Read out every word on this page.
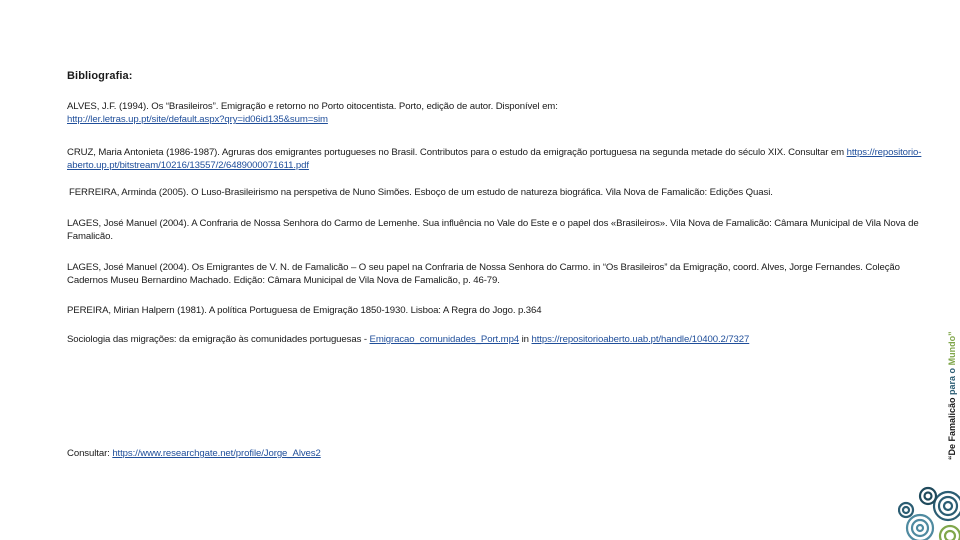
Bibliografia:
ALVES, J.F. (1994). Os “Brasileiros”. Emigração e retorno no Porto oitocentista. Porto, edição de autor. Disponível em:
http://ler.letras.up.pt/site/default.aspx?qry=id06id135&sum=sim
CRUZ, Maria Antonieta (1986-1987). Agruras dos emigrantes portugueses no Brasil. Contributos para o estudo da emigração portuguesa na segunda metade do século XIX. Consultar em https://repositorio-aberto.up.pt/bitstream/10216/13557/2/6489000071611.pdf
FERREIRA, Arminda (2005). O Luso-Brasileirismo na perspetiva de Nuno Simões. Esboço de um estudo de natureza biográfica. Vila Nova de Famalicão: Edições Quasi.
LAGES, José Manuel (2004). A Confraria de Nossa Senhora do Carmo de Lemenhe. Sua influência no Vale do Este e o papel dos «Brasileiros». Vila Nova de Famalicão: Câmara Municipal de Vila Nova de Famalicão.
LAGES, José Manuel (2004). Os Emigrantes de V. N. de Famalicão – O seu papel na Confraria de Nossa Senhora do Carmo. in “Os Brasileiros” da Emigração, coord. Alves, Jorge Fernandes. Coleção Cadernos Museu Bernardino Machado. Edição: Câmara Municipal de Vila Nova de Famalicão, p. 46-79.
PEREIRA, Mirian Halpern (1981). A política Portuguesa de Emigração 1850-1930. Lisboa: A Regra do Jogo. p.364
Sociologia das migrações: da emigração às comunidades portuguesas - Emigracao_comunidades_Port.mp4 in https://repositorioaberto.uab.pt/handle/10400.2/7327
Consultar: https://www.researchgate.net/profile/Jorge_Alves2	“De Famalicão para o Mundo”
